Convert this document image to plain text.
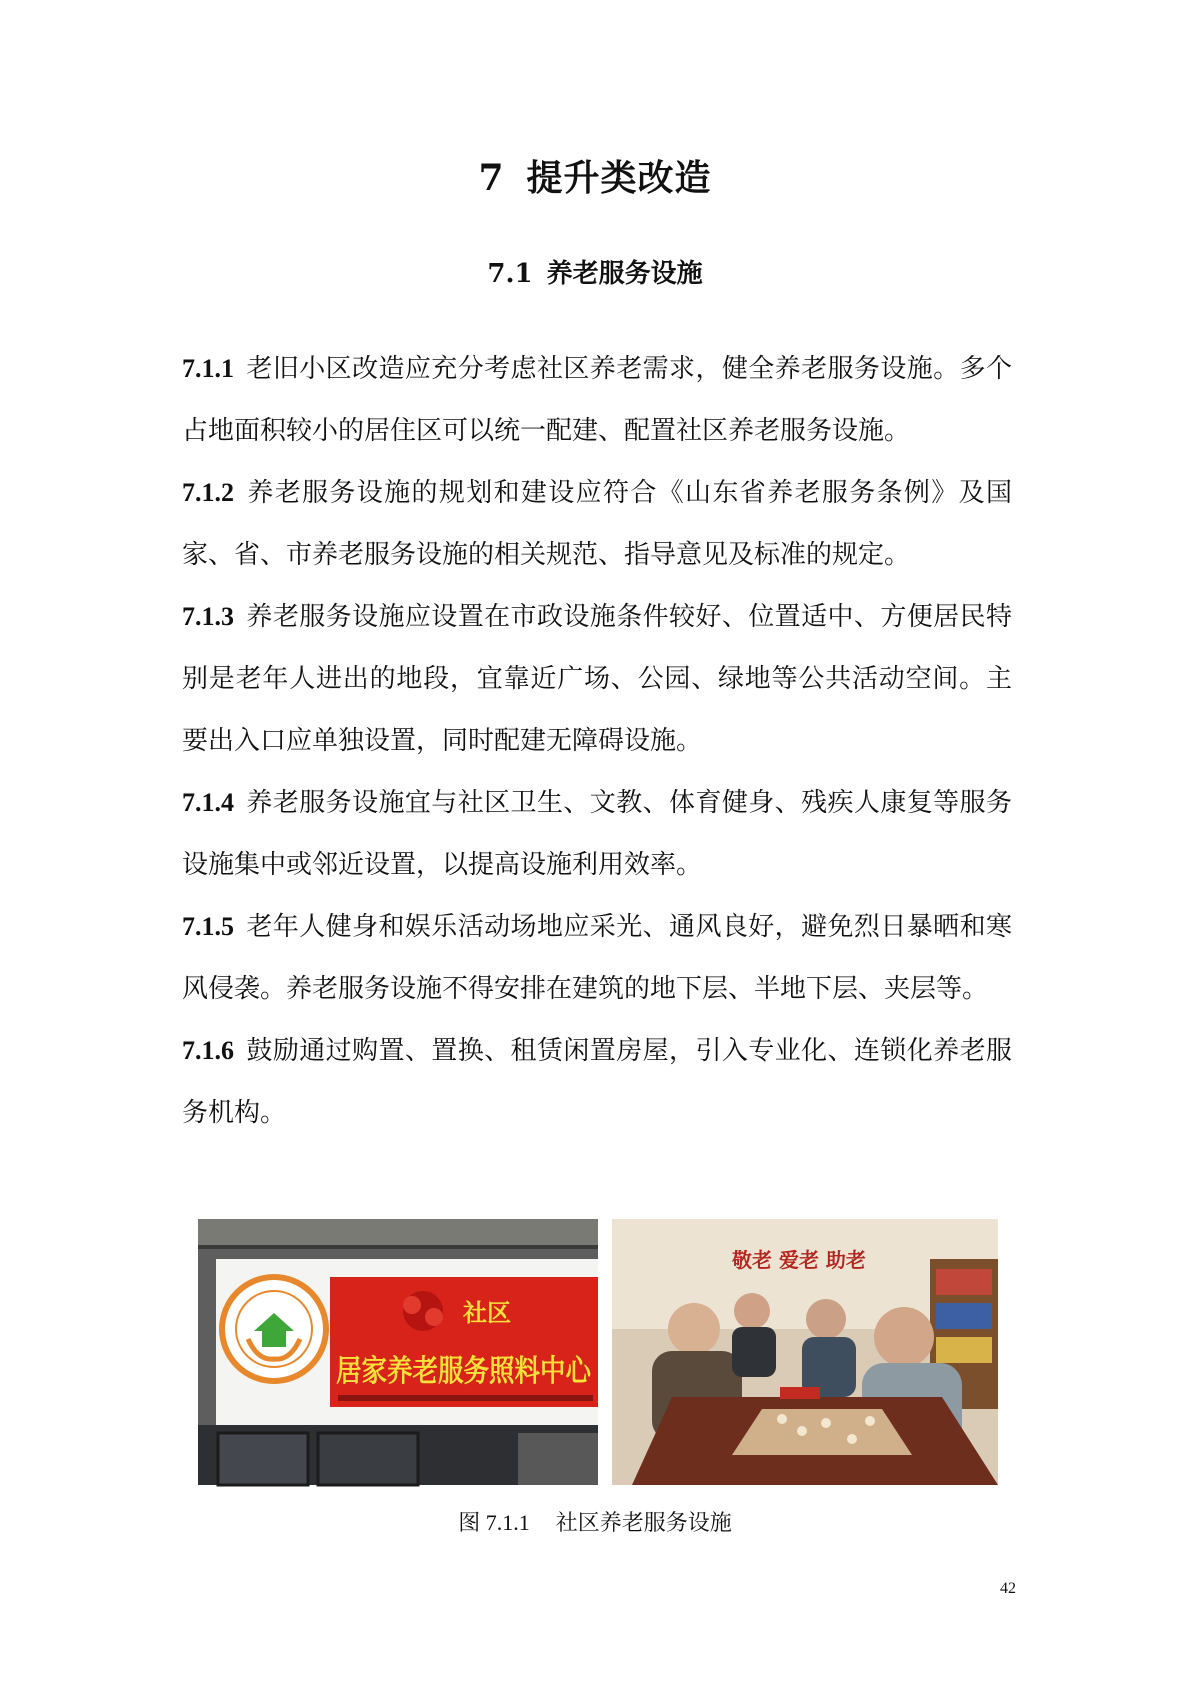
7 提升类改造
7.1 养老服务设施

7.1.1 老旧小区改造应充分考虑社区养老需求，健全养老服务设施。多个占地面积较小的居住区可以统一配建、配置社区养老服务设施。

7.1.2 养老服务设施的规划和建设应符合《山东省养老服务条例》及国家、省、市养老服务设施的相关规范、指导意见及标准的规定。

7.1.3 养老服务设施应设置在市政设施条件较好、位置适中、方便居民特别是老年人进出的地段，宜靠近广场、公园、绿地等公共活动空间。主要出入口应单独设置，同时配建无障碍设施。

7.1.4 养老服务设施宜与社区卫生、文教、体育健身、残疾人康复等服务设施集中或邻近设置，以提高设施利用效率。

7.1.5 老年人健身和娱乐活动场地应采光、通风良好，避免烈日暴晒和寒风侵袭。养老服务设施不得安排在建筑的地下层、半地下层、夹层等。

7.1.6 鼓励通过购置、置换、租赁闲置房屋，引入专业化、连锁化养老服务机构。

社区
居家养老服务照料中心
敬老 爱老 助老
图 7.1.1 社区养老服务设施
42
